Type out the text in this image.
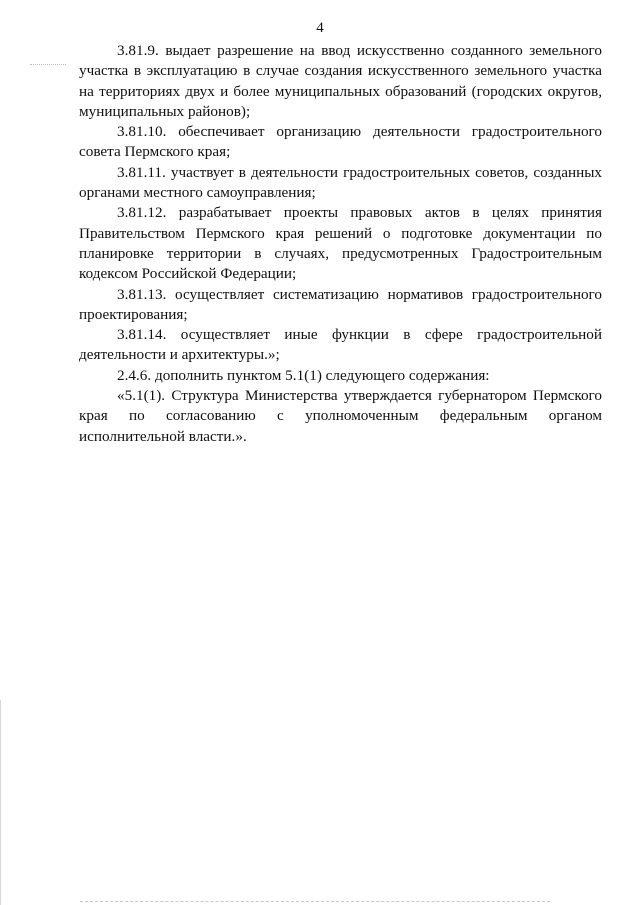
4

3.81.9. выдает разрешение на ввод искусственно созданного земельного участка в эксплуатацию в случае создания искусственного земельного участка на территориях двух и более муниципальных образований (городских округов, муниципальных районов);

3.81.10. обеспечивает организацию деятельности градостроительного совета Пермского края;

3.81.11. участвует в деятельности градостроительных советов, созданных органами местного самоуправления;

3.81.12. разрабатывает проекты правовых актов в целях принятия Правительством Пермского края решений о подготовке документации по планировке территории в случаях, предусмотренных Градостроительным кодексом Российской Федерации;

3.81.13. осуществляет систематизацию нормативов градостроительного проектирования;

3.81.14. осуществляет иные функции в сфере градостроительной деятельности и архитектуры.»;

2.4.6. дополнить пунктом 5.1(1) следующего содержания:

«5.1(1). Структура Министерства утверждается губернатором Пермского края по согласованию с уполномоченным федеральным органом исполнительной власти.».
